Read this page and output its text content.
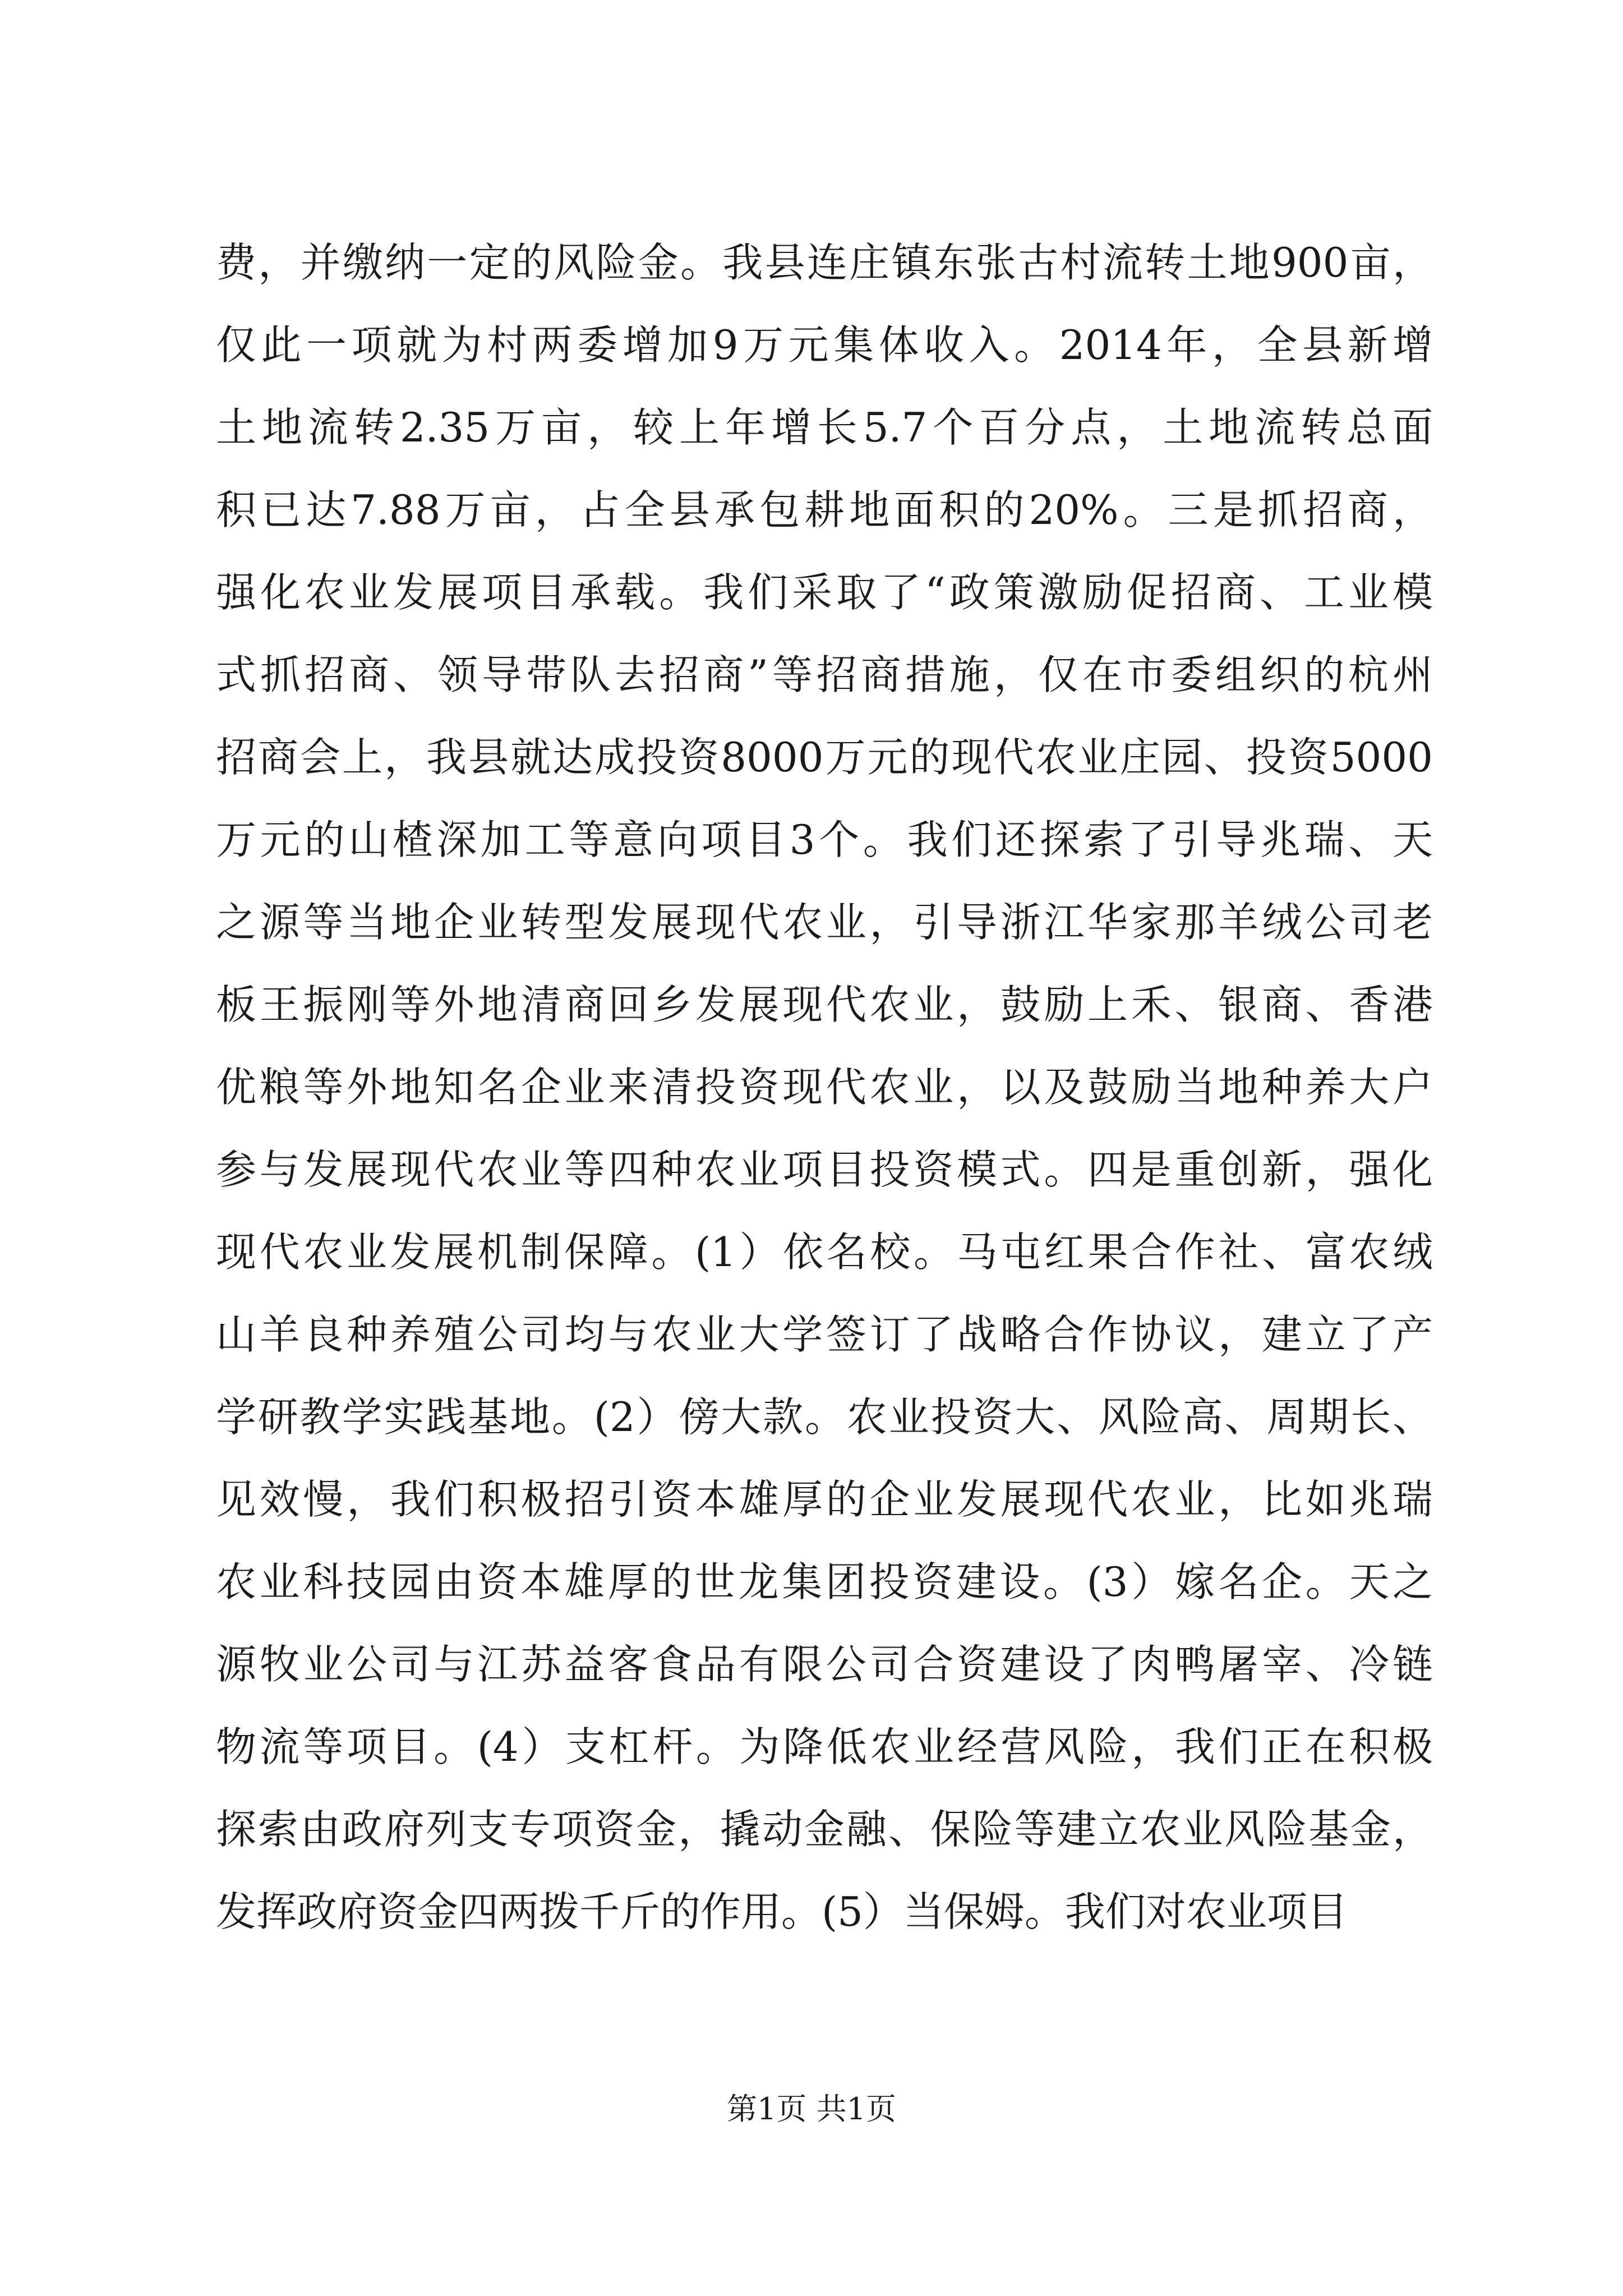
费，并缴纳一定的风险金。我县连庄镇东张古村流转土地900亩，
仅此一项就为村两委增加9万元集体收入。2014年，全县新增
土地流转2.35万亩，较上年增长5.7个百分点，土地流转总面
积已达7.88万亩，占全县承包耕地面积的20%。三是抓招商，
强化农业发展项目承载。我们采取了“政策激励促招商、工业模
式抓招商、领导带队去招商”等招商措施，仅在市委组织的杭州
招商会上，我县就达成投资8000万元的现代农业庄园、投资5000
万元的山楂深加工等意向项目3个。我们还探索了引导兆瑞、天
之源等当地企业转型发展现代农业，引导浙江华家那羊绒公司老
板王振刚等外地清商回乡发展现代农业，鼓励上禾、银商、香港
优粮等外地知名企业来清投资现代农业，以及鼓励当地种养大户
参与发展现代农业等四种农业项目投资模式。四是重创新，强化
现代农业发展机制保障。(1）依名校。马屯红果合作社、富农绒
山羊良种养殖公司均与农业大学签订了战略合作协议，建立了产
学研教学实践基地。(2）傍大款。农业投资大、风险高、周期长、
见效慢，我们积极招引资本雄厚的企业发展现代农业，比如兆瑞
农业科技园由资本雄厚的世龙集团投资建设。(3）嫁名企。天之
源牧业公司与江苏益客食品有限公司合资建设了肉鸭屠宰、冷链
物流等项目。(4）支杠杆。为降低农业经营风险，我们正在积极
探索由政府列支专项资金，撬动金融、保险等建立农业风险基金，
发挥政府资金四两拨千斤的作用。(5）当保姆。我们对农业项目
第1页 共1页
